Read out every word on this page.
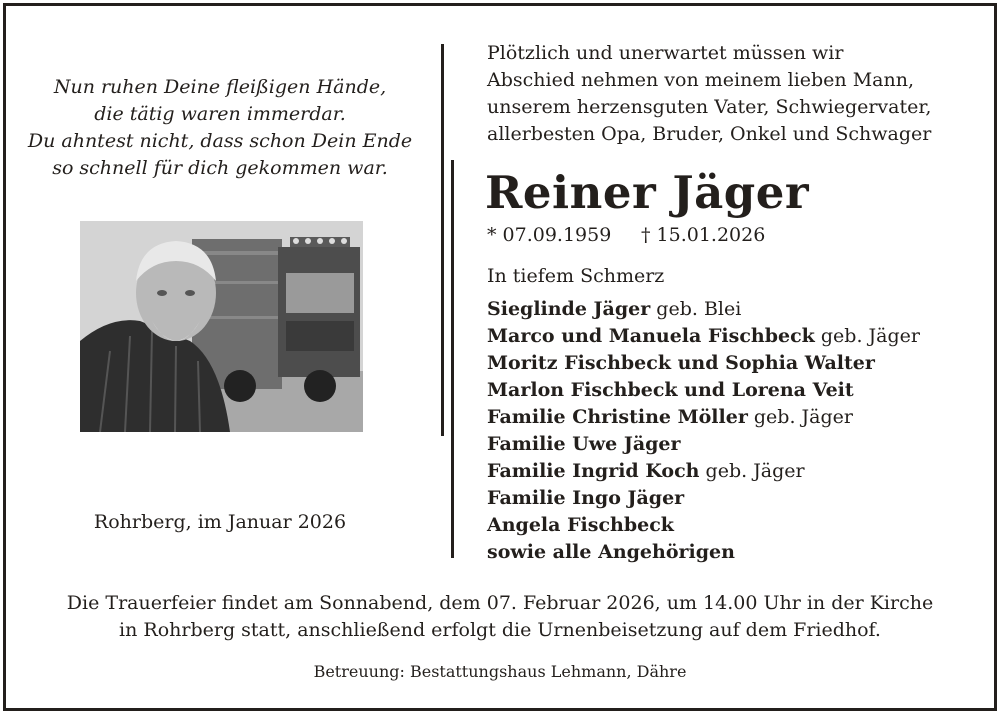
Nun ruhen Deine fleißigen Hände,
die tätig waren immerdar.
Du ahntest nicht, dass schon Dein Ende
so schnell für dich gekommen war.
Rohrberg, im Januar 2026
Plötzlich und unerwartet müssen wir
Abschied nehmen von meinem lieben Mann,
unserem herzensguten Vater, Schwiegervater,
allerbesten Opa, Bruder, Onkel und Schwager
Reiner Jäger
* 07.09.1959 † 15.01.2026
In tiefem Schmerz
Sieglinde Jäger geb. Blei
Marco und Manuela Fischbeck geb. Jäger
Moritz Fischbeck und Sophia Walter
Marlon Fischbeck und Lorena Veit
Familie Christine Möller geb. Jäger
Familie Uwe Jäger
Familie Ingrid Koch geb. Jäger
Familie Ingo Jäger
Angela Fischbeck
sowie alle Angehörigen
Die Trauerfeier findet am Sonnabend, dem 07. Februar 2026, um 14.00 Uhr in der Kirche
in Rohrberg statt, anschließend erfolgt die Urnenbeisetzung auf dem Friedhof.
Betreuung: Bestattungshaus Lehmann, Dähre
